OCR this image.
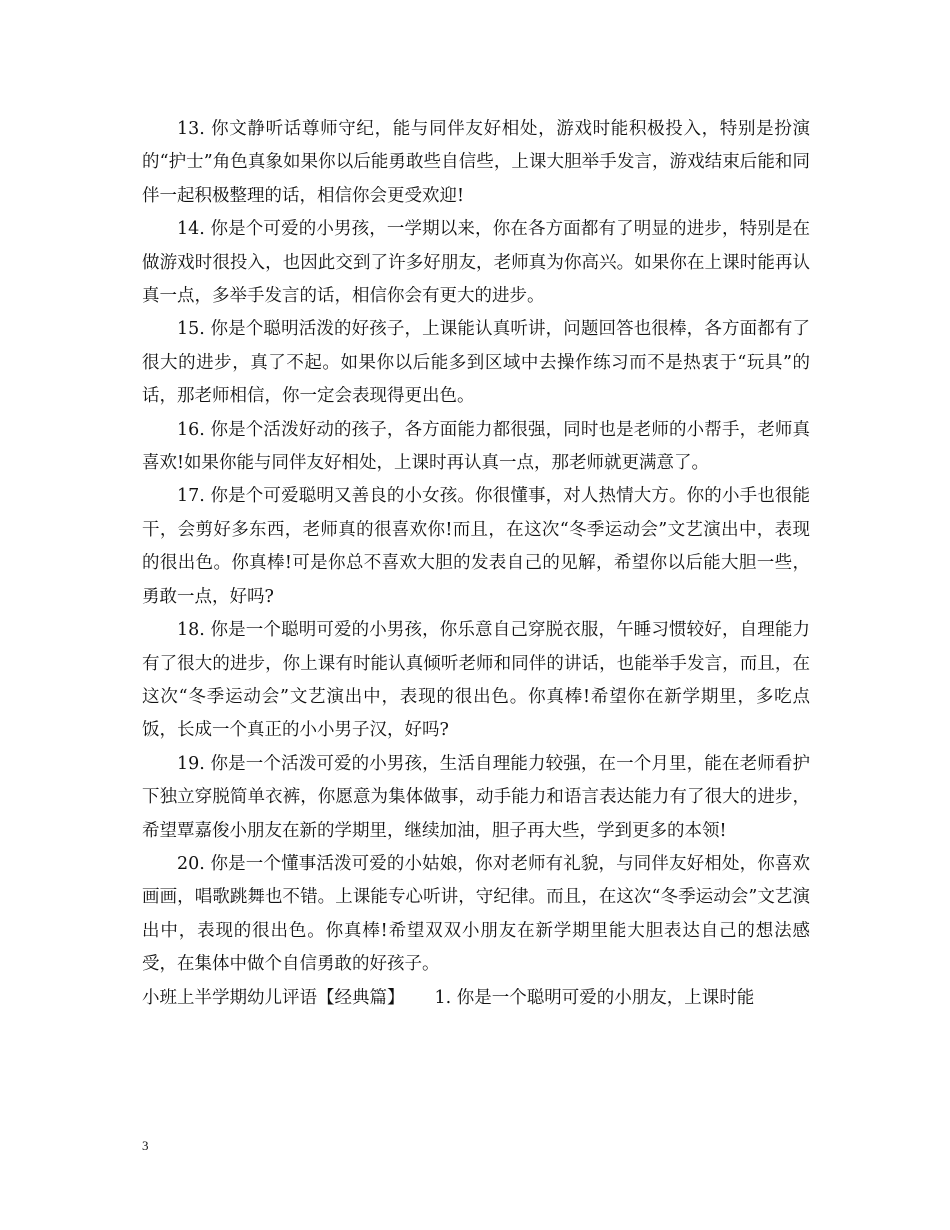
13. 你文静听话尊师守纪，能与同伴友好相处，游戏时能积极投入，特别是扮演的“护士”角色真象如果你以后能勇敢些自信些，上课大胆举手发言，游戏结束后能和同伴一起积极整理的话，相信你会更受欢迎!

14. 你是个可爱的小男孩，一学期以来，你在各方面都有了明显的进步，特别是在做游戏时很投入，也因此交到了许多好朋友，老师真为你高兴。如果你在上课时能再认真一点，多举手发言的话，相信你会有更大的进步。

15. 你是个聪明活泼的好孩子，上课能认真听讲，问题回答也很棒，各方面都有了很大的进步，真了不起。如果你以后能多到区域中去操作练习而不是热衷于“玩具”的话，那老师相信，你一定会表现得更出色。

16. 你是个活泼好动的孩子，各方面能力都很强，同时也是老师的小帮手，老师真喜欢!如果你能与同伴友好相处，上课时再认真一点，那老师就更满意了。

17. 你是个可爱聪明又善良的小女孩。你很懂事，对人热情大方。你的小手也很能干，会剪好多东西，老师真的很喜欢你!而且，在这次“冬季运动会”文艺演出中，表现的很出色。你真棒!可是你总不喜欢大胆的发表自己的见解，希望你以后能大胆一些，勇敢一点，好吗?

18. 你是一个聪明可爱的小男孩，你乐意自己穿脱衣服，午睡习惯较好，自理能力有了很大的进步，你上课有时能认真倾听老师和同伴的讲话，也能举手发言，而且，在这次“冬季运动会”文艺演出中，表现的很出色。你真棒!希望你在新学期里，多吃点饭，长成一个真正的小小男子汉，好吗?

19. 你是一个活泼可爱的小男孩，生活自理能力较强，在一个月里，能在老师看护下独立穿脱简单衣裤，你愿意为集体做事，动手能力和语言表达能力有了很大的进步，希望覃嘉俊小朋友在新的学期里，继续加油，胆子再大些，学到更多的本领!

20. 你是一个懂事活泼可爱的小姑娘，你对老师有礼貌，与同伴友好相处，你喜欢画画，唱歌跳舞也不错。上课能专心听讲，守纪律。而且，在这次“冬季运动会”文艺演出中，表现的很出色。你真棒!希望双双小朋友在新学期里能大胆表达自己的想法感受，在集体中做个自信勇敢的好孩子。

小班上半学期幼儿评语【经典篇】 1. 你是一个聪明可爱的小朋友，上课时能
3
